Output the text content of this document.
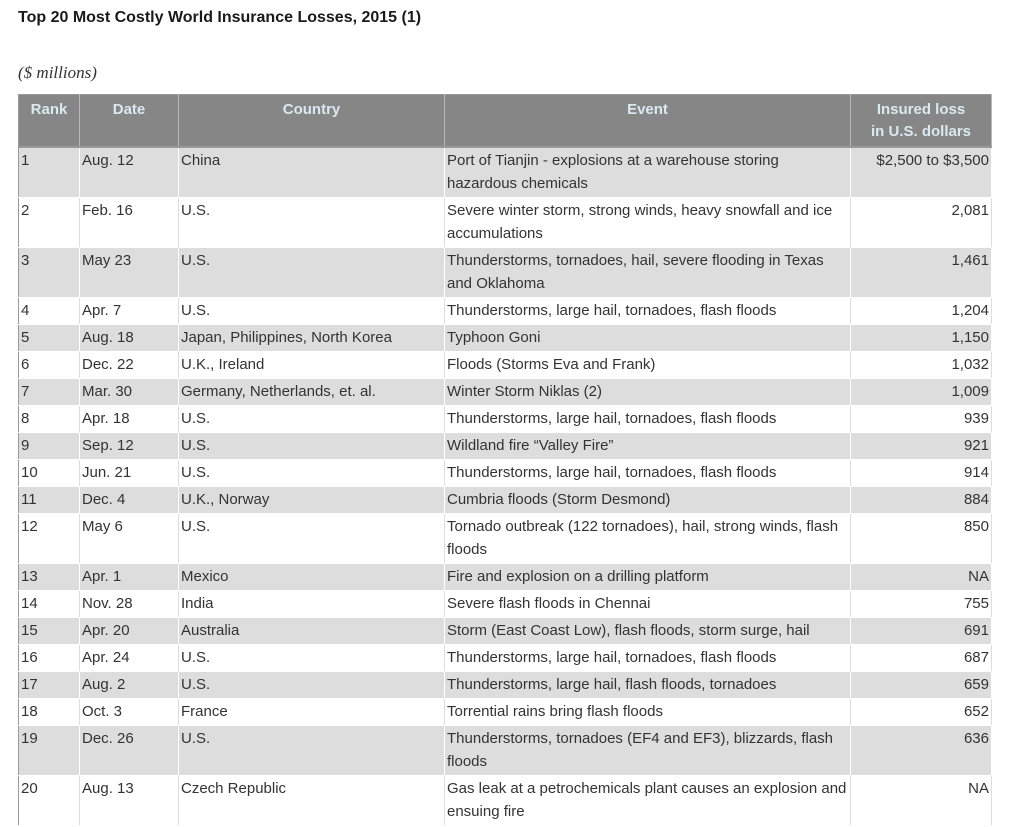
Top 20 Most Costly World Insurance Losses, 2015 (1)

($ millions)

Rank	Date	Country	Event	Insured loss
in U.S. dollars

1	Aug. 12	China	Port of Tianjin - explosions at a warehouse storing hazardous chemicals	$2,500 to $3,500
2	Feb. 16	U.S.	Severe winter storm, strong winds, heavy snowfall and ice accumulations	2,081
3	May 23	U.S.	Thunderstorms, tornadoes, hail, severe flooding in Texas and Oklahoma	1,461
4	Apr. 7	U.S.	Thunderstorms, large hail, tornadoes, flash floods	1,204
5	Aug. 18	Japan, Philippines, North Korea	Typhoon Goni	1,150
6	Dec. 22	U.K., Ireland	Floods (Storms Eva and Frank)	1,032
7	Mar. 30	Germany, Netherlands, et. al.	Winter Storm Niklas (2)	1,009
8	Apr. 18	U.S.	Thunderstorms, large hail, tornadoes, flash floods	939
9	Sep. 12	U.S.	Wildland fire “Valley Fire”	921
10	Jun. 21	U.S.	Thunderstorms, large hail, tornadoes, flash floods	914
11	Dec. 4	U.K., Norway	Cumbria floods (Storm Desmond)	884
12	May 6	U.S.	Tornado outbreak (122 tornadoes), hail, strong winds, flash floods	850
13	Apr. 1	Mexico	Fire and explosion on a drilling platform	NA
14	Nov. 28	India	Severe flash floods in Chennai	755
15	Apr. 20	Australia	Storm (East Coast Low), flash floods, storm surge, hail	691
16	Apr. 24	U.S.	Thunderstorms, large hail, tornadoes, flash floods	687
17	Aug. 2	U.S.	Thunderstorms, large hail, flash floods, tornadoes	659
18	Oct. 3	France	Torrential rains bring flash floods	652
19	Dec. 26	U.S.	Thunderstorms, tornadoes (EF4 and EF3), blizzards, flash floods	636
20	Aug. 13	Czech Republic	Gas leak at a petrochemicals plant causes an explosion and ensuing fire	NA
